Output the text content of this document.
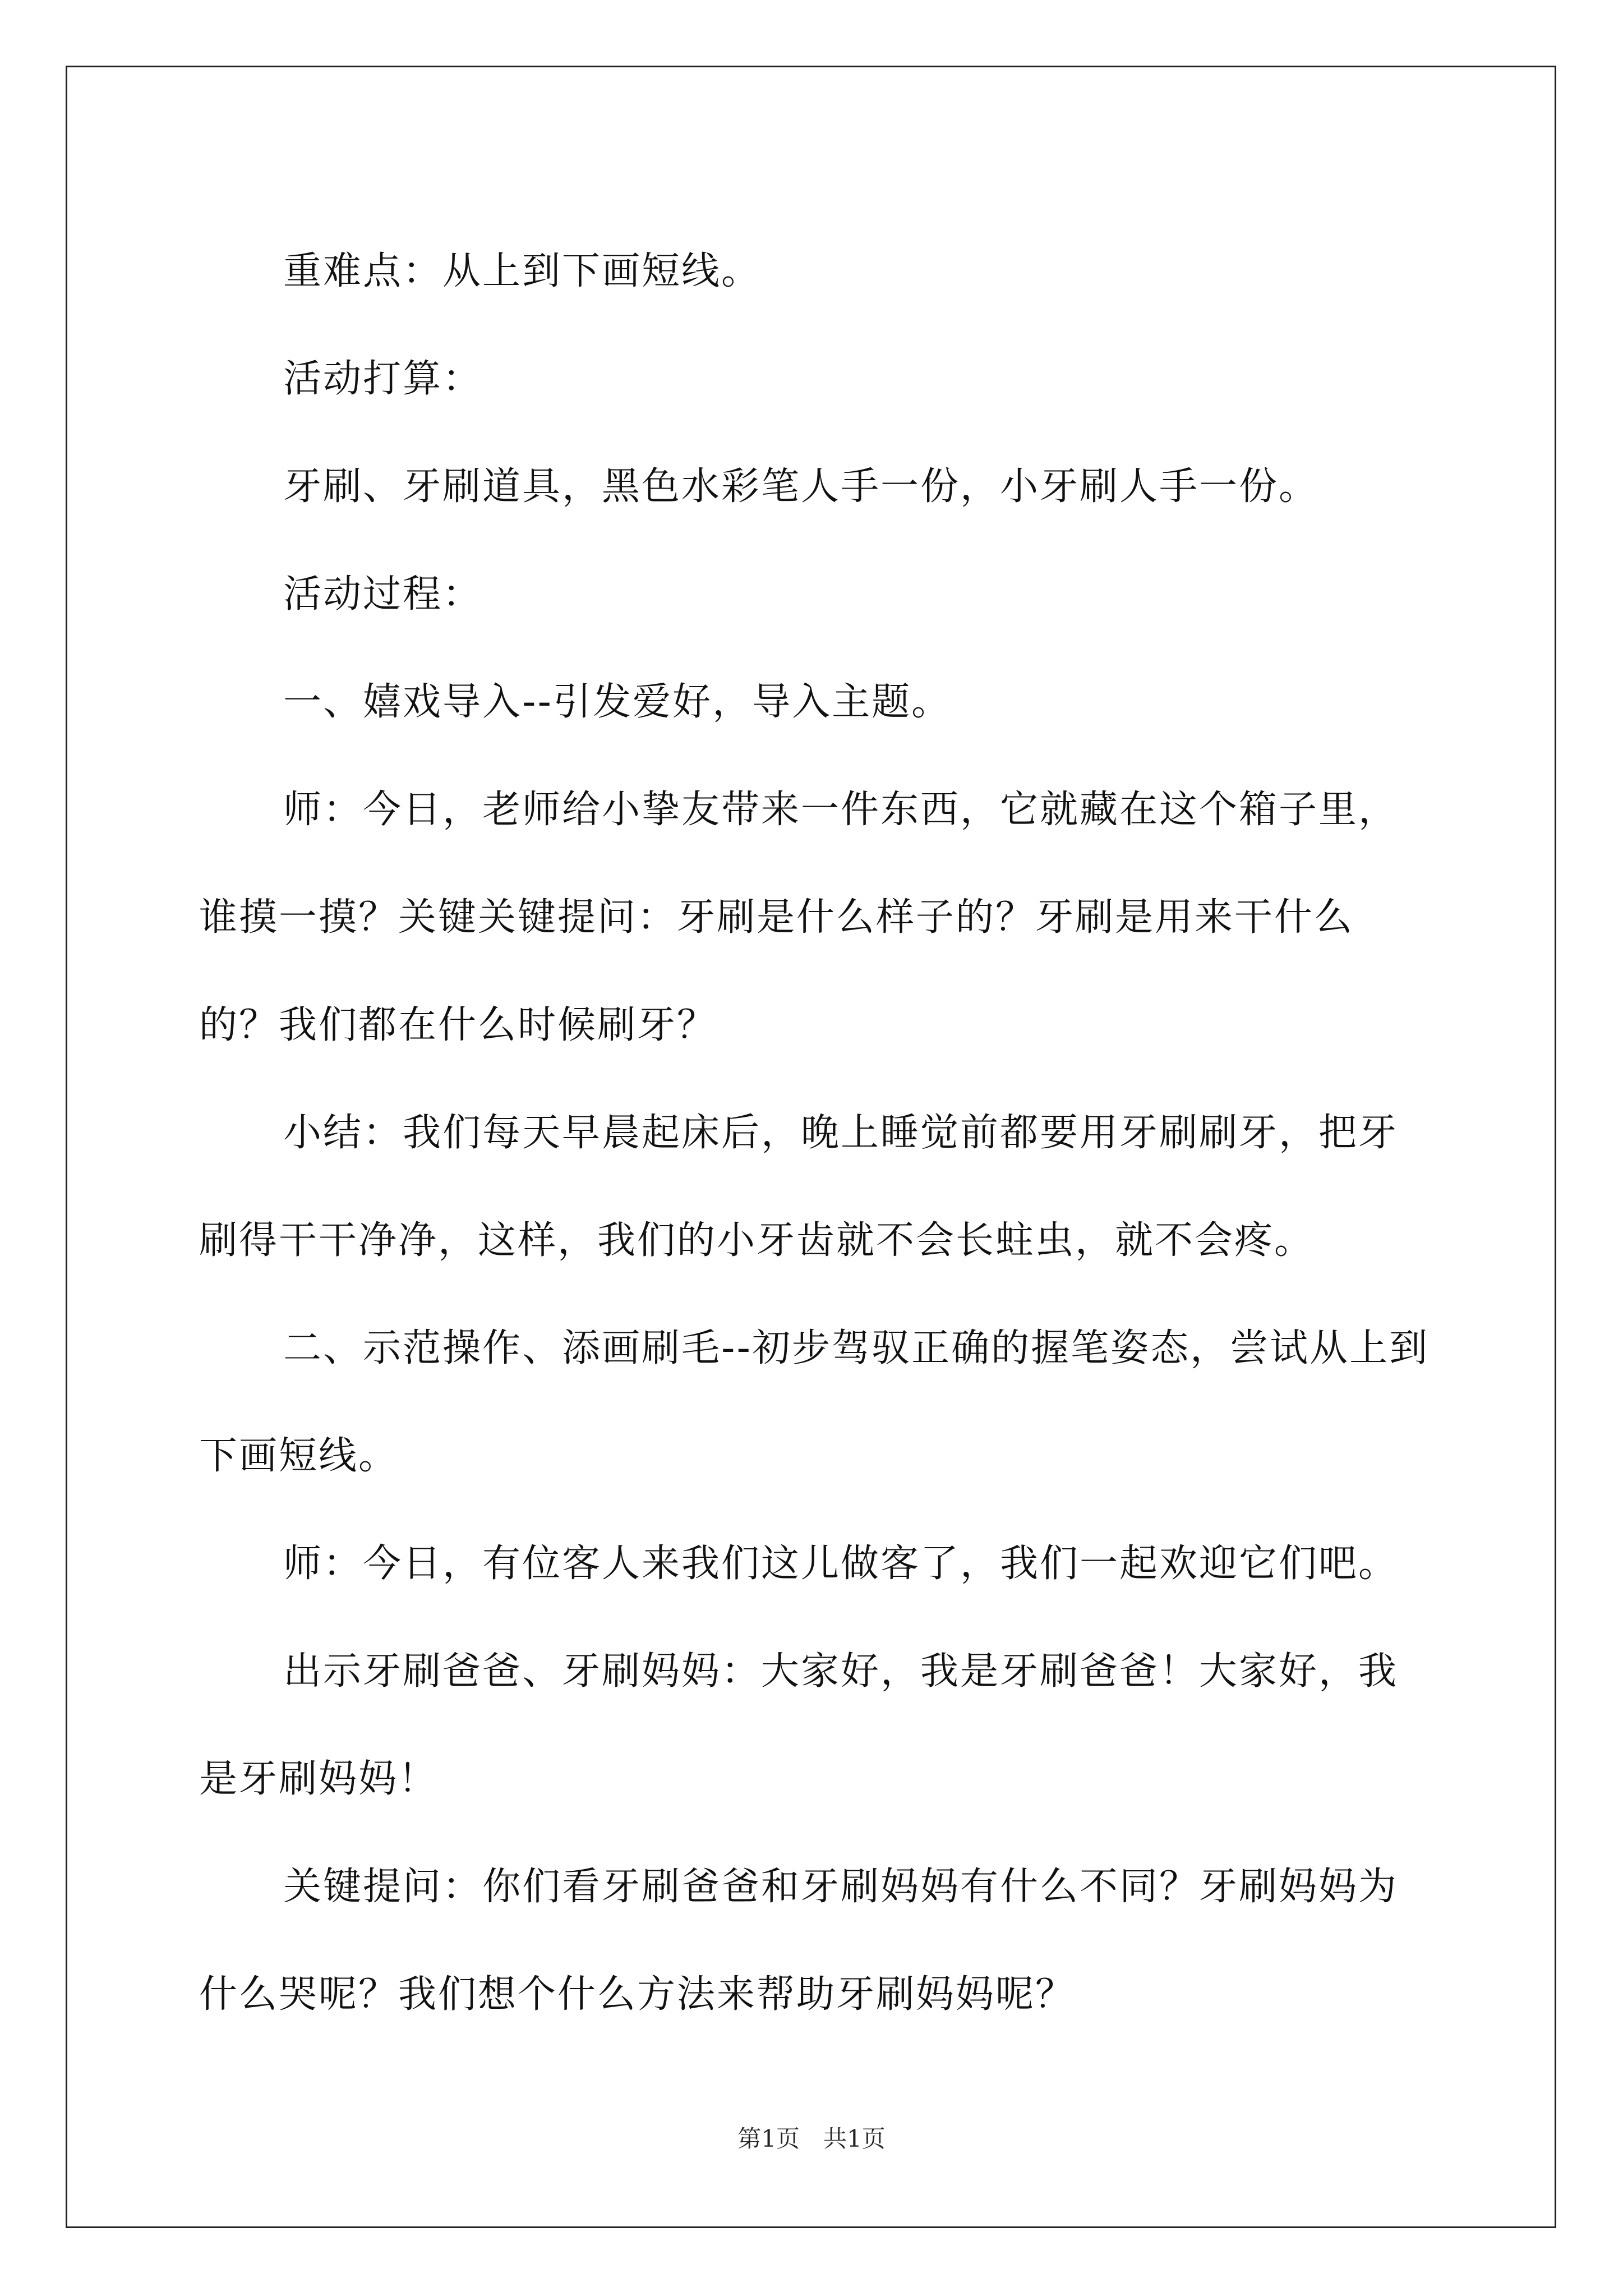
重难点：从上到下画短线。

活动打算：

牙刷、牙刷道具，黑色水彩笔人手一份，小牙刷人手一份。

活动过程：

一、嬉戏导入--引发爱好，导入主题。

师：今日，老师给小挚友带来一件东西，它就藏在这个箱子里，谁摸一摸？关键关键提问：牙刷是什么样子的？牙刷是用来干什么的？我们都在什么时候刷牙？

小结：我们每天早晨起床后，晚上睡觉前都要用牙刷刷牙，把牙刷得干干净净，这样，我们的小牙齿就不会长蛀虫，就不会疼。

二、示范操作、添画刷毛--初步驾驭正确的握笔姿态，尝试从上到下画短线。

师：今日，有位客人来我们这儿做客了，我们一起欢迎它们吧。

出示牙刷爸爸、牙刷妈妈：大家好，我是牙刷爸爸！大家好，我是牙刷妈妈！

关键提问：你们看牙刷爸爸和牙刷妈妈有什么不同？牙刷妈妈为什么哭呢？我们想个什么方法来帮助牙刷妈妈呢？

第1页　共1页
